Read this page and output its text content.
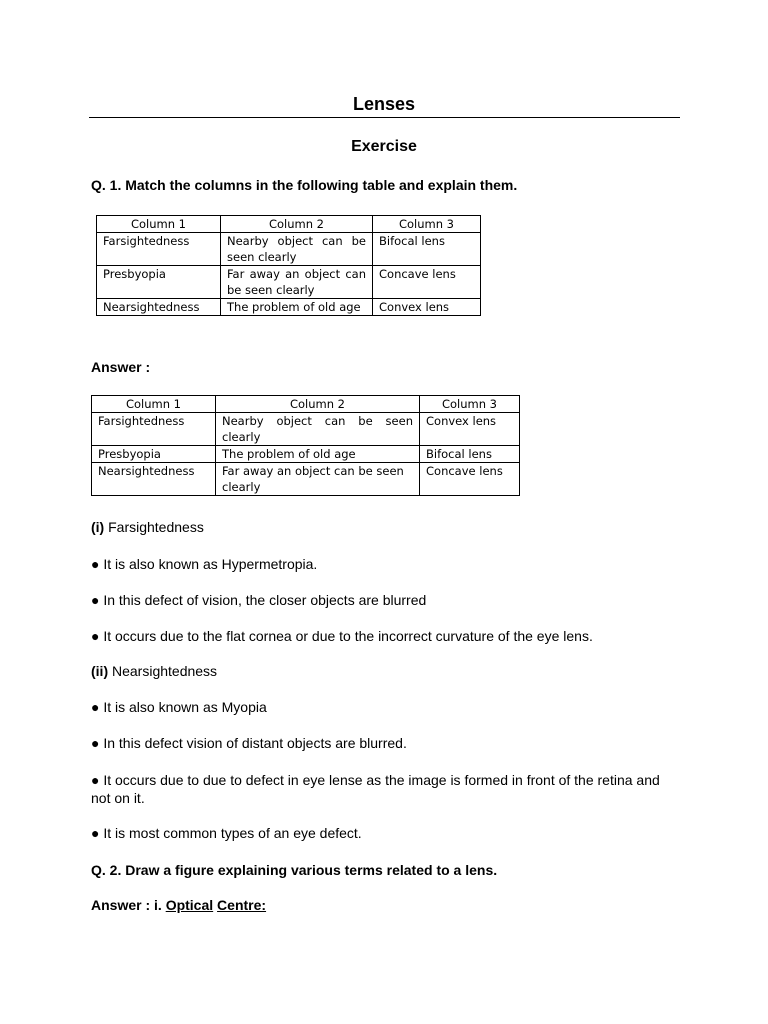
Lenses
Exercise
Q. 1. Match the columns in the following table and explain them.
Column 1	Column 2	Column 3
Farsightedness	Nearby object can be seen clearly	Bifocal lens
Presbyopia	Far away an object can be seen clearly	Concave lens
Nearsightedness	The problem of old age	Convex lens
Answer :
Column 1	Column 2	Column 3
Farsightedness	Nearby object can be seen clearly	Convex lens
Presbyopia	The problem of old age	Bifocal lens
Nearsightedness	Far away an object can be seen clearly	Concave lens
(i) Farsightedness
● It is also known as Hypermetropia.
● In this defect of vision, the closer objects are blurred
● It occurs due to the flat cornea or due to the incorrect curvature of the eye lens.
(ii) Nearsightedness
● It is also known as Myopia
● In this defect vision of distant objects are blurred.
● It occurs due to due to defect in eye lense as the image is formed in front of the retina and not on it.
● It is most common types of an eye defect.
Q. 2. Draw a figure explaining various terms related to a lens.
Answer : i. Optical Centre:
